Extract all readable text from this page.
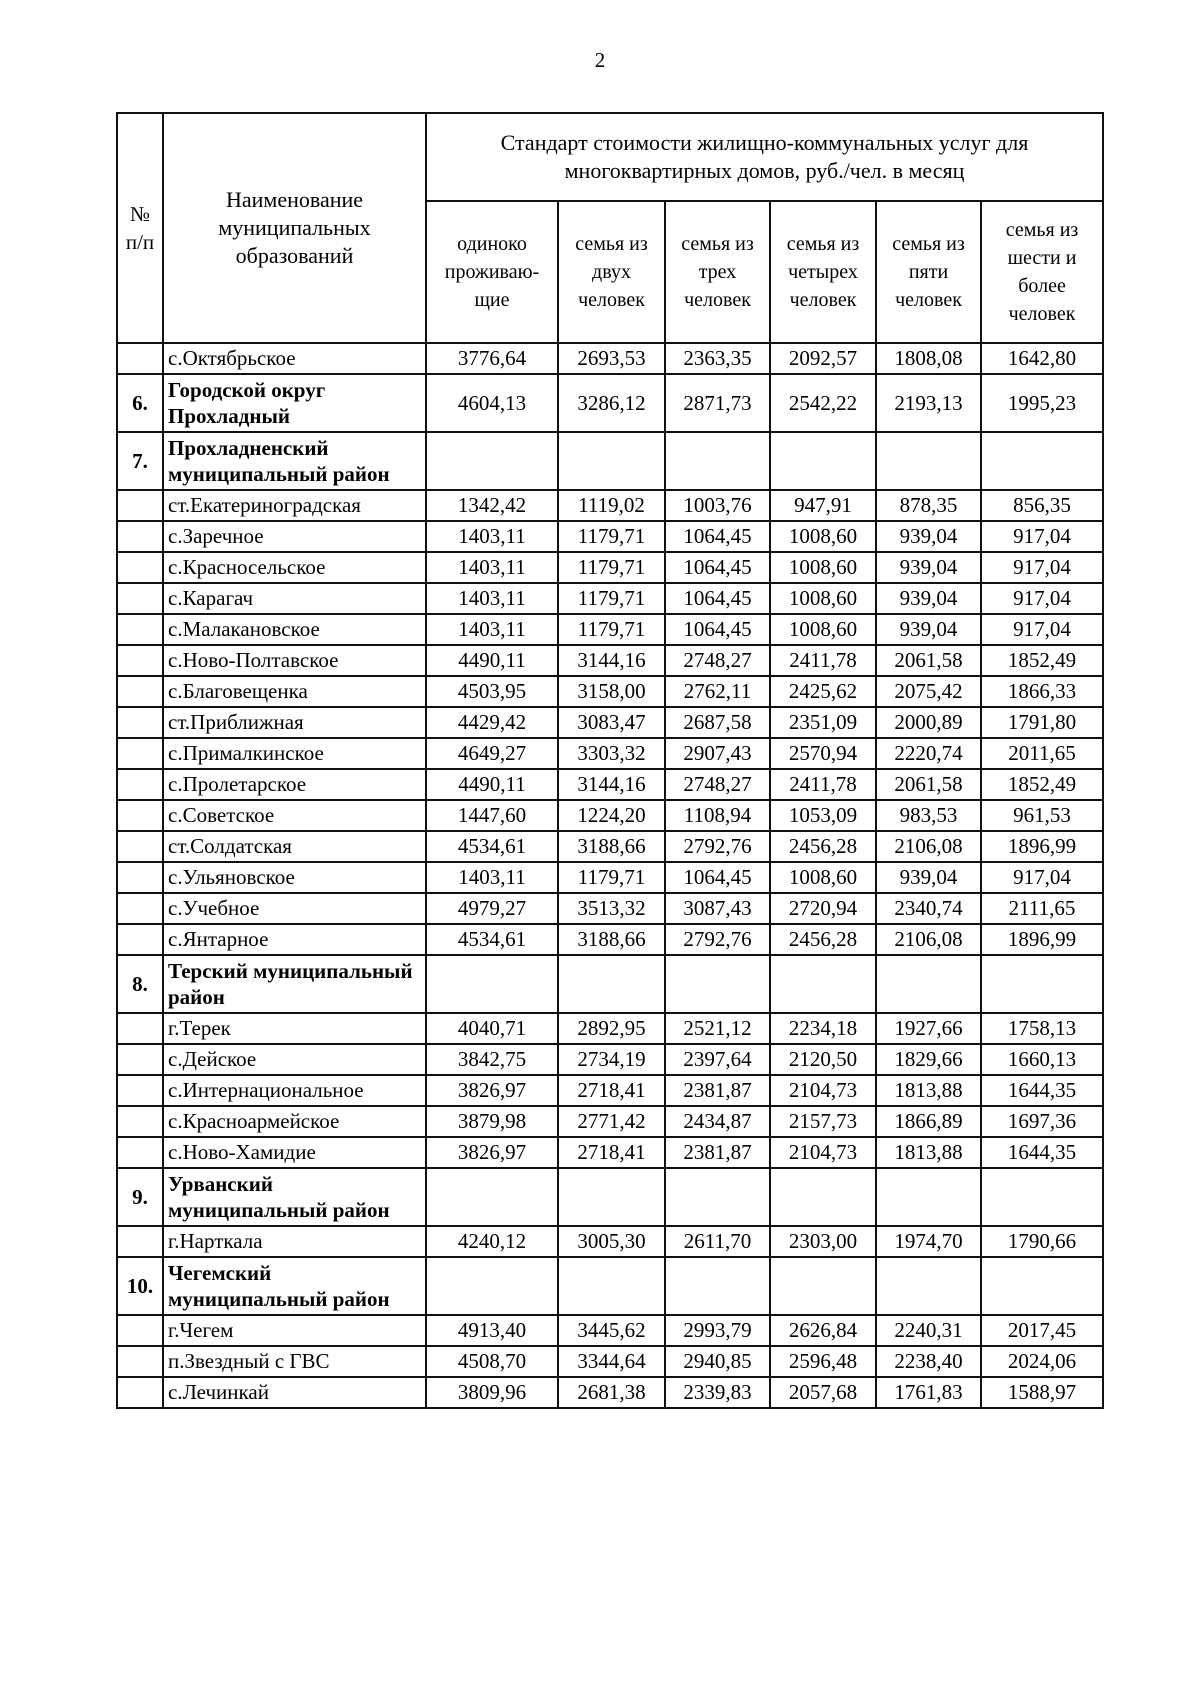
2
№ п/п	Наименование муниципальных образований	Стандарт стоимости жилищно-коммунальных услуг для многоквартирных домов, руб./чел. в месяц					
		одиноко проживаю-щие	семья из двух человек	семья из трех человек	семья из четырех человек	семья из пяти человек	семья из шести и более человек
	с.Октябрьское	3776,64	2693,53	2363,35	2092,57	1808,08	1642,80
6.	Городской округ Прохладный	4604,13	3286,12	2871,73	2542,22	2193,13	1995,23
7.	Прохладненский муниципальный район						
	ст.Екатериноградская	1342,42	1119,02	1003,76	947,91	878,35	856,35
	с.Заречное	1403,11	1179,71	1064,45	1008,60	939,04	917,04
	с.Красносельское	1403,11	1179,71	1064,45	1008,60	939,04	917,04
	с.Карагач	1403,11	1179,71	1064,45	1008,60	939,04	917,04
	с.Малакановское	1403,11	1179,71	1064,45	1008,60	939,04	917,04
	с.Ново-Полтавское	4490,11	3144,16	2748,27	2411,78	2061,58	1852,49
	с.Благовещенка	4503,95	3158,00	2762,11	2425,62	2075,42	1866,33
	ст.Приближная	4429,42	3083,47	2687,58	2351,09	2000,89	1791,80
	с.Прималкинское	4649,27	3303,32	2907,43	2570,94	2220,74	2011,65
	с.Пролетарское	4490,11	3144,16	2748,27	2411,78	2061,58	1852,49
	с.Советское	1447,60	1224,20	1108,94	1053,09	983,53	961,53
	ст.Солдатская	4534,61	3188,66	2792,76	2456,28	2106,08	1896,99
	с.Ульяновское	1403,11	1179,71	1064,45	1008,60	939,04	917,04
	с.Учебное	4979,27	3513,32	3087,43	2720,94	2340,74	2111,65
	с.Янтарное	4534,61	3188,66	2792,76	2456,28	2106,08	1896,99
8.	Терский муниципальный район						
	г.Терек	4040,71	2892,95	2521,12	2234,18	1927,66	1758,13
	с.Дейское	3842,75	2734,19	2397,64	2120,50	1829,66	1660,13
	с.Интернациональное	3826,97	2718,41	2381,87	2104,73	1813,88	1644,35
	с.Красноармейское	3879,98	2771,42	2434,87	2157,73	1866,89	1697,36
	с.Ново-Хамидие	3826,97	2718,41	2381,87	2104,73	1813,88	1644,35
9.	Урванский муниципальный район						
	г.Нарткала	4240,12	3005,30	2611,70	2303,00	1974,70	1790,66
10.	Чегемский муниципальный район						
	г.Чегем	4913,40	3445,62	2993,79	2626,84	2240,31	2017,45
	п.Звездный с ГВС	4508,70	3344,64	2940,85	2596,48	2238,40	2024,06
	с.Лечинкай	3809,96	2681,38	2339,83	2057,68	1761,83	1588,97
